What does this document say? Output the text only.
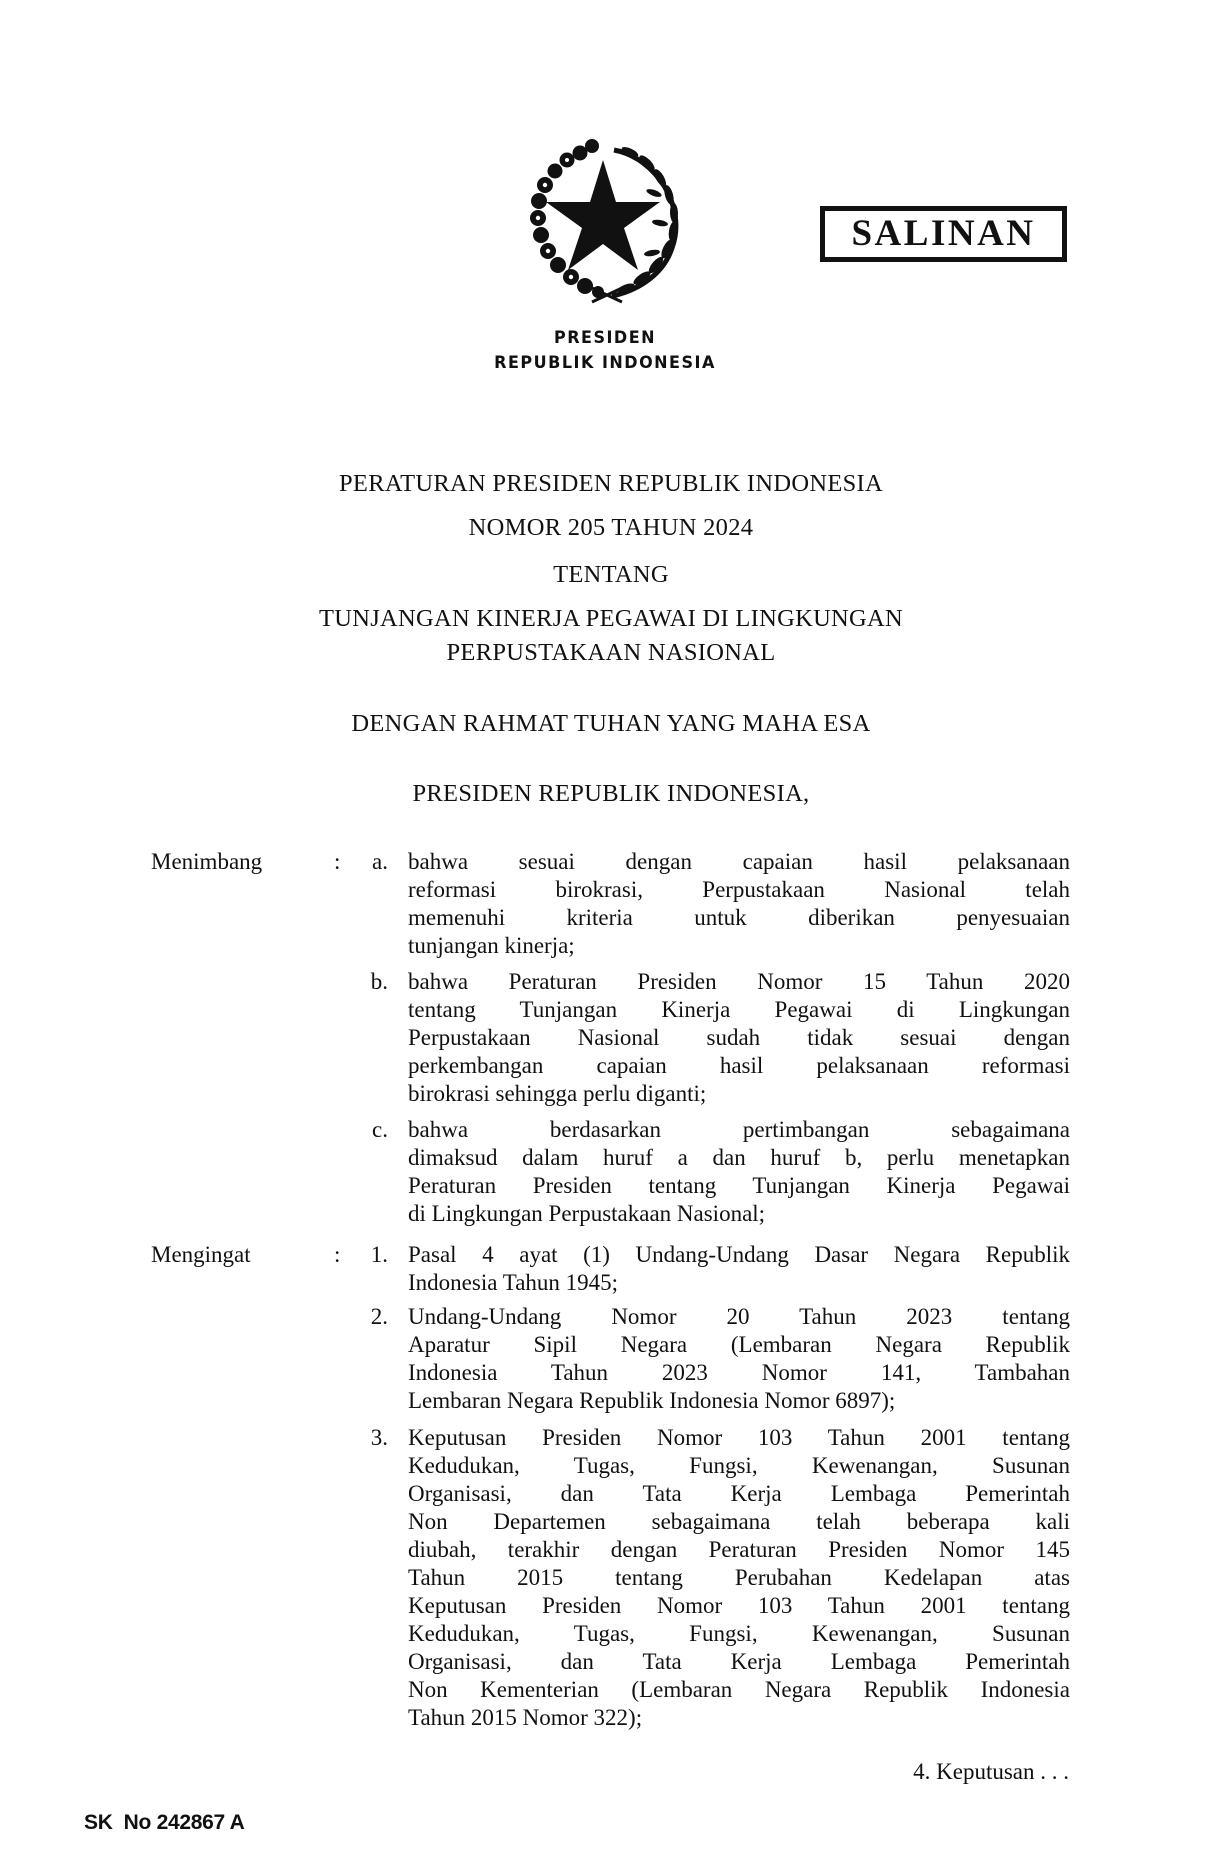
PRESIDEN
REPUBLIK INDONESIA
SALINAN
PERATURAN PRESIDEN REPUBLIK INDONESIA
NOMOR 205 TAHUN 2024
TENTANG
TUNJANGAN KINERJA PEGAWAI DI LINGKUNGAN
PERPUSTAKAAN NASIONAL
DENGAN RAHMAT TUHAN YANG MAHA ESA
PRESIDEN REPUBLIK INDONESIA,
Menimbang	:	a. bahwa sesuai dengan capaian hasil pelaksanaan
reformasi birokrasi, Perpustakaan Nasional telah
memenuhi kriteria untuk diberikan penyesuaian
tunjangan kinerja;
b. bahwa Peraturan Presiden Nomor 15 Tahun 2020
tentang Tunjangan Kinerja Pegawai di Lingkungan
Perpustakaan Nasional sudah tidak sesuai dengan
perkembangan capaian hasil pelaksanaan reformasi
birokrasi sehingga perlu diganti;
c. bahwa berdasarkan pertimbangan sebagaimana
dimaksud dalam huruf a dan huruf b, perlu menetapkan
Peraturan Presiden tentang Tunjangan Kinerja Pegawai
di Lingkungan Perpustakaan Nasional;
Mengingat	:	1. Pasal 4 ayat (1) Undang-Undang Dasar Negara Republik
Indonesia Tahun 1945;
2. Undang-Undang Nomor 20 Tahun 2023 tentang
Aparatur Sipil Negara (Lembaran Negara Republik
Indonesia Tahun 2023 Nomor 141, Tambahan
Lembaran Negara Republik Indonesia Nomor 6897);
3. Keputusan Presiden Nomor 103 Tahun 2001 tentang
Kedudukan, Tugas, Fungsi, Kewenangan, Susunan
Organisasi, dan Tata Kerja Lembaga Pemerintah
Non Departemen sebagaimana telah beberapa kali
diubah, terakhir dengan Peraturan Presiden Nomor 145
Tahun 2015 tentang Perubahan Kedelapan atas
Keputusan Presiden Nomor 103 Tahun 2001 tentang
Kedudukan, Tugas, Fungsi, Kewenangan, Susunan
Organisasi, dan Tata Kerja Lembaga Pemerintah
Non Kementerian (Lembaran Negara Republik Indonesia
Tahun 2015 Nomor 322);
4. Keputusan . . .
SK  No 242867 A
